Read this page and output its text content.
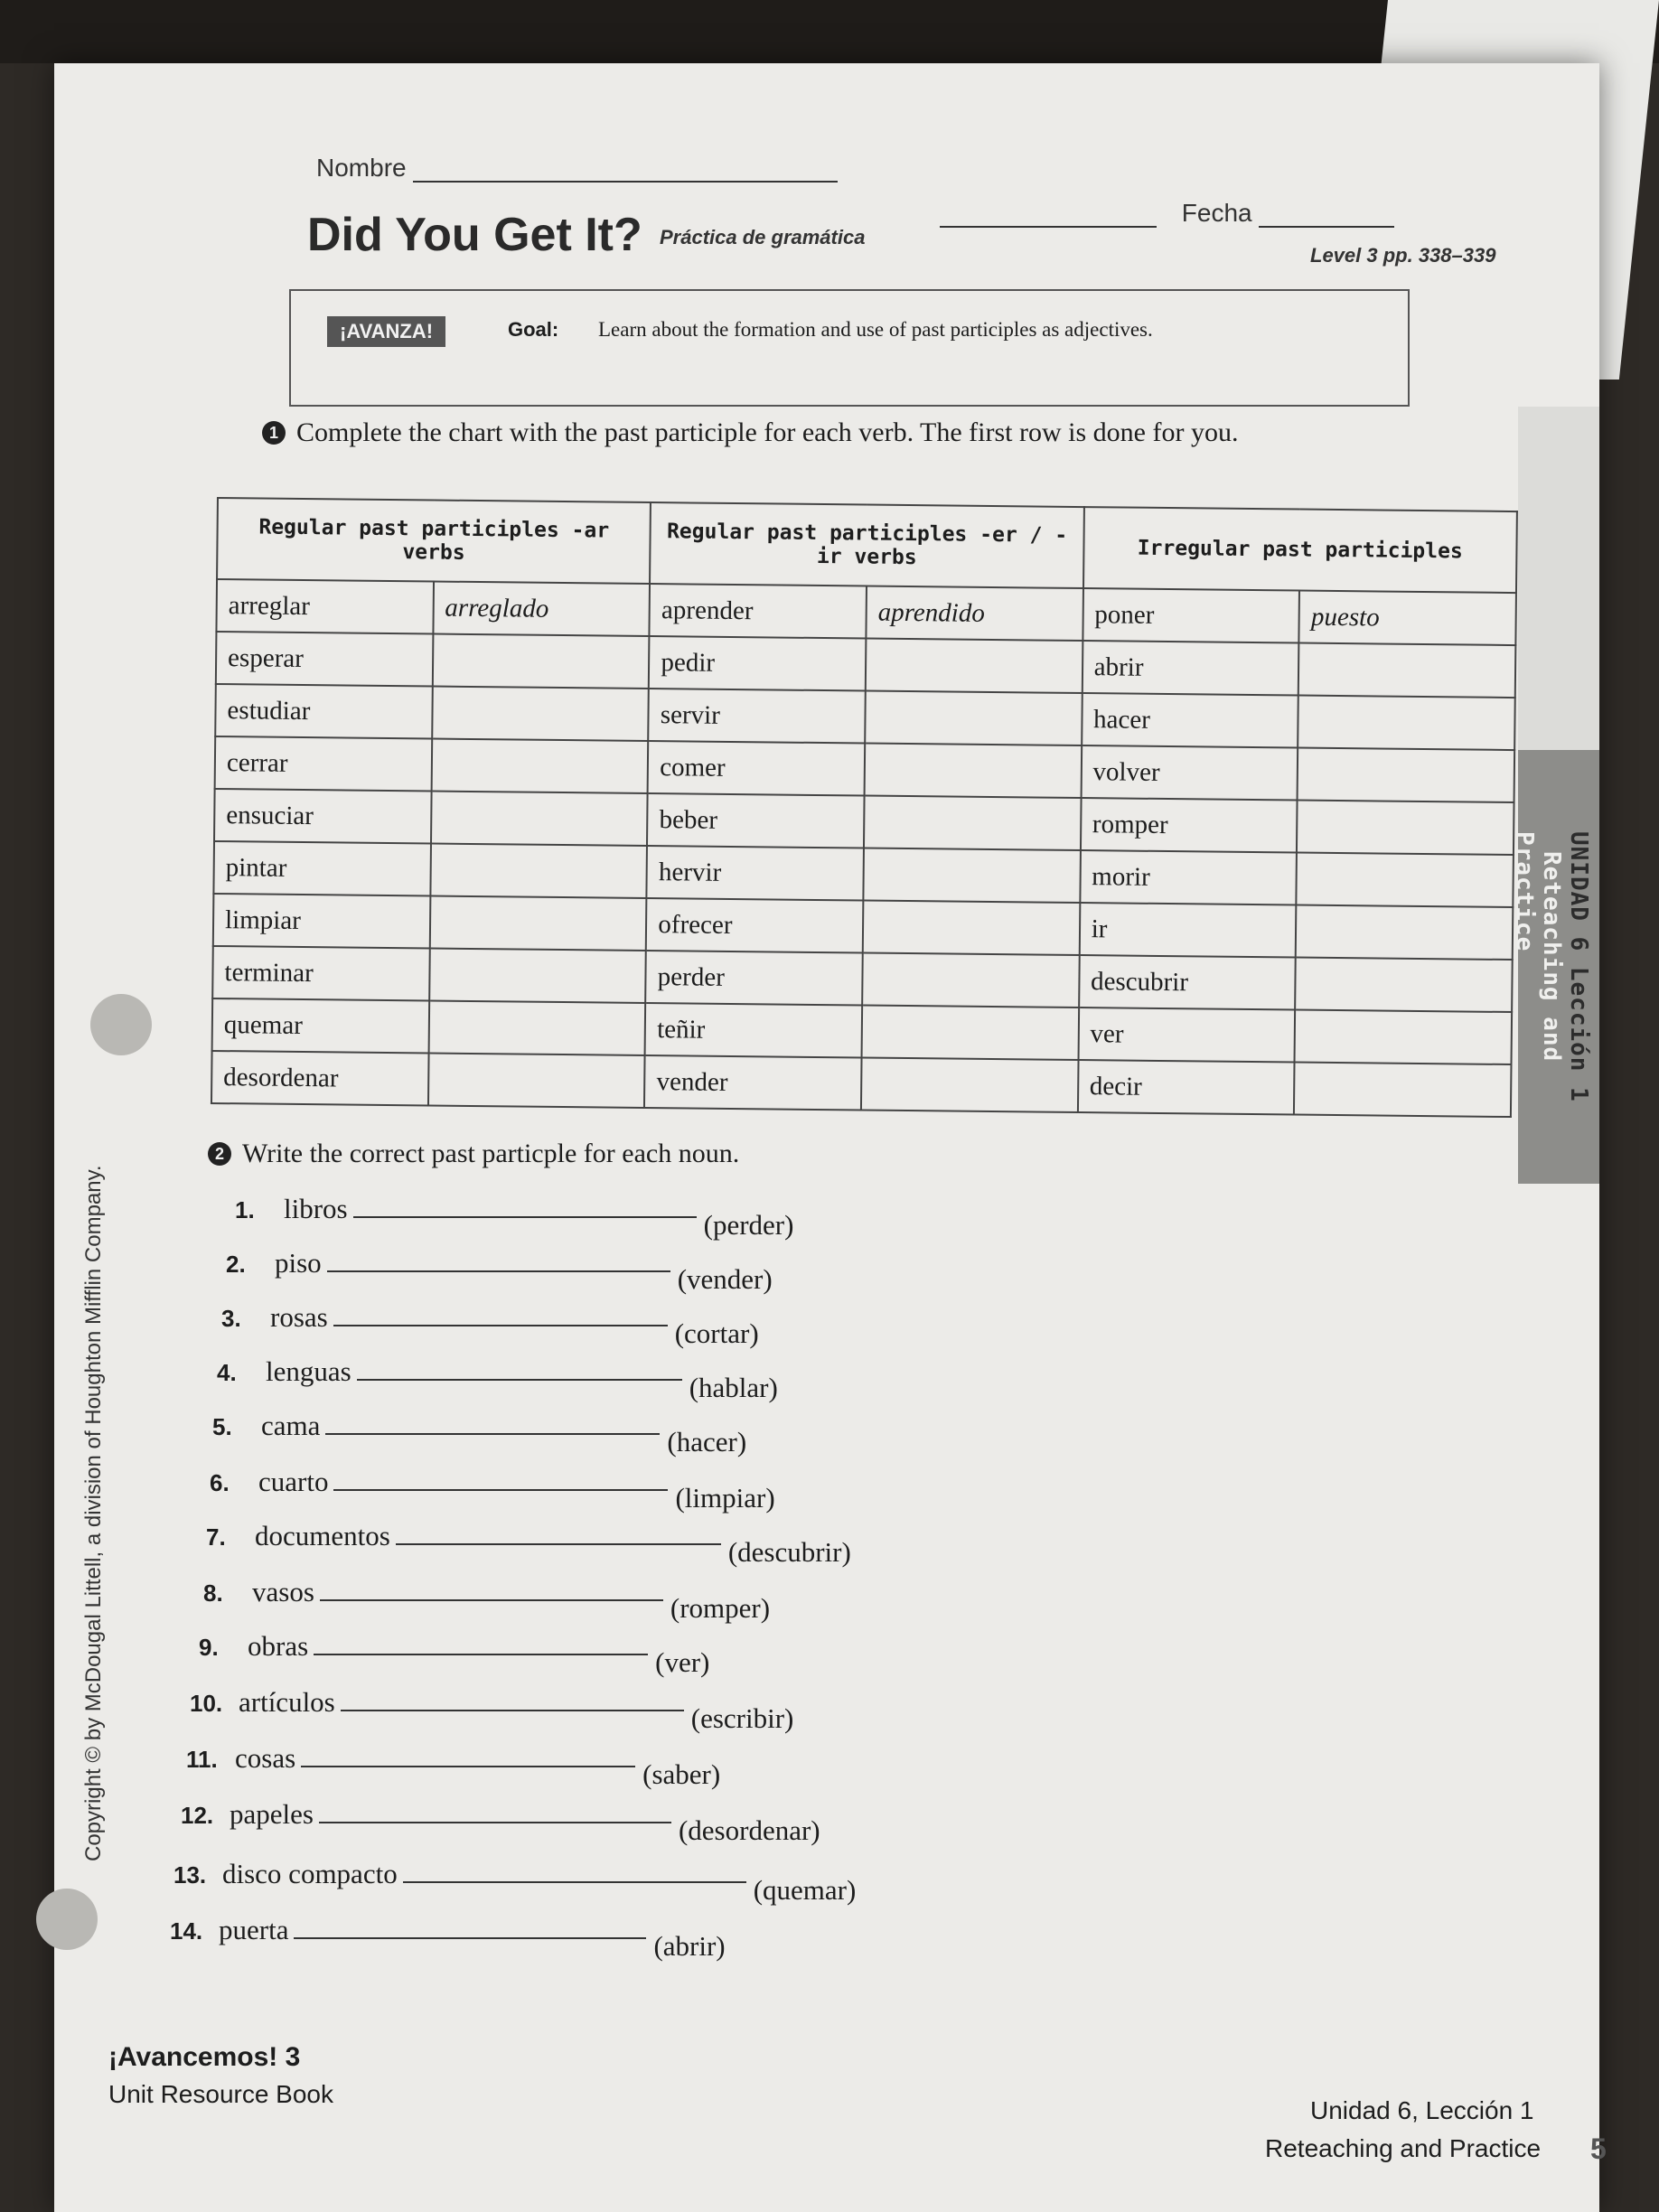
UNIDAD 6 Lección 1 Reteaching and Practice
Nombre
Fecha
Did You Get It? Práctica de gramática
Level 3 pp. 338–339
¡AVANZA!	Goal: Learn about the formation and use of past participles as adjectives.
1 Complete the chart with the past participle for each verb. The first row is done for you.
Regular past participles -ar verbs		Regular past participles -er / -ir verbs		Irregular past participles	
arreglar	arreglado	aprender	aprendido	poner	puesto
esperar		pedir		abrir	
estudiar		servir		hacer	
cerrar		comer		volver	
ensuciar		beber		romper	
pintar		hervir		morir	
limpiar		ofrecer		ir	
terminar		perder		descubrir	
quemar		teñir		ver	
desordenar		vender		decir	
2 Write the correct past particple for each noun.
1. libros(perder)
2. piso(vender)
3. rosas(cortar)
4. lenguas(hablar)
5. cama(hacer)
6. cuarto(limpiar)
7. documentos(descubrir)
8. vasos(romper)
9. obras(ver)
10. artículos(escribir)
11. cosas(saber)
12. papeles(desordenar)
13. disco compacto(quemar)
14. puerta(abrir)
Copyright © by McDougal Littell, a division of Houghton Mifflin Company.
¡Avancemos! 3
Unit Resource Book
Unidad 6, Lección 1
Reteaching and Practice 5
